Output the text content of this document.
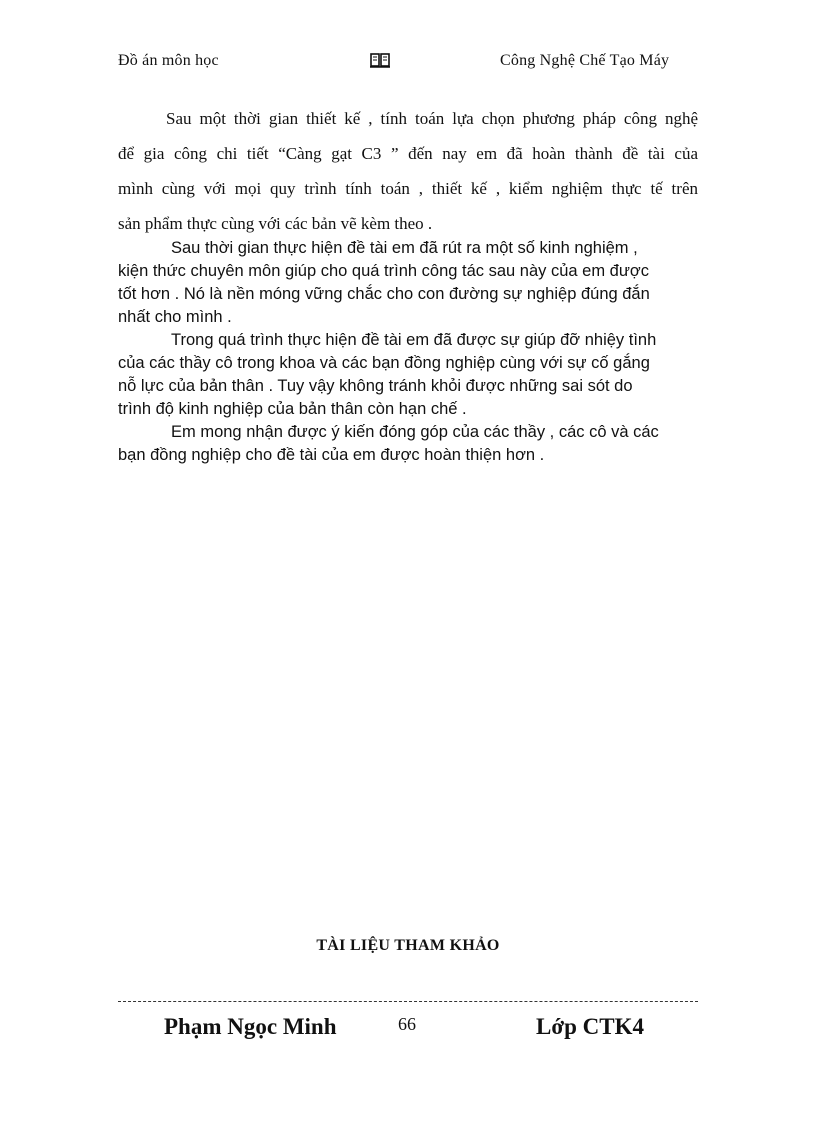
Đồ án môn học	Công Nghệ Chế Tạo Máy
Sau một thời gian thiết kế , tính toán lựa chọn phương pháp công nghệ
để gia công chi tiết “Càng gạt C3 ” đến nay em đã hoàn thành đề tài của
mình cùng với mọi quy trình tính toán , thiết kế , kiểm nghiệm thực tế trên
sản phẩm thực cùng với các bản vẽ kèm theo .
Sau thời gian thực hiện đề tài em đã rút ra một số kinh nghiệm ,
kiện thức chuyên môn giúp cho quá trình công tác sau này của em được
tốt hơn . Nó là nền móng vững chắc cho con đường sự nghiệp đúng đắn
nhất cho mình .
Trong quá trình thực hiện đề tài em đã được sự giúp đỡ nhiệy tình
của các thầy cô trong khoa và các bạn đồng nghiệp cùng với sự cố gắng
nỗ lực của bản thân . Tuy vậy không tránh khỏi được những sai sót do
trình độ kinh nghiệp của bản thân còn hạn chế .
Em mong nhận được ý kiến đóng góp của các thầy , các cô và các
bạn đồng nghiệp cho đề tài của em được hoàn thiện hơn .
TÀI LIỆU THAM KHẢO
Phạm Ngọc Minh	66	Lớp CTK4
